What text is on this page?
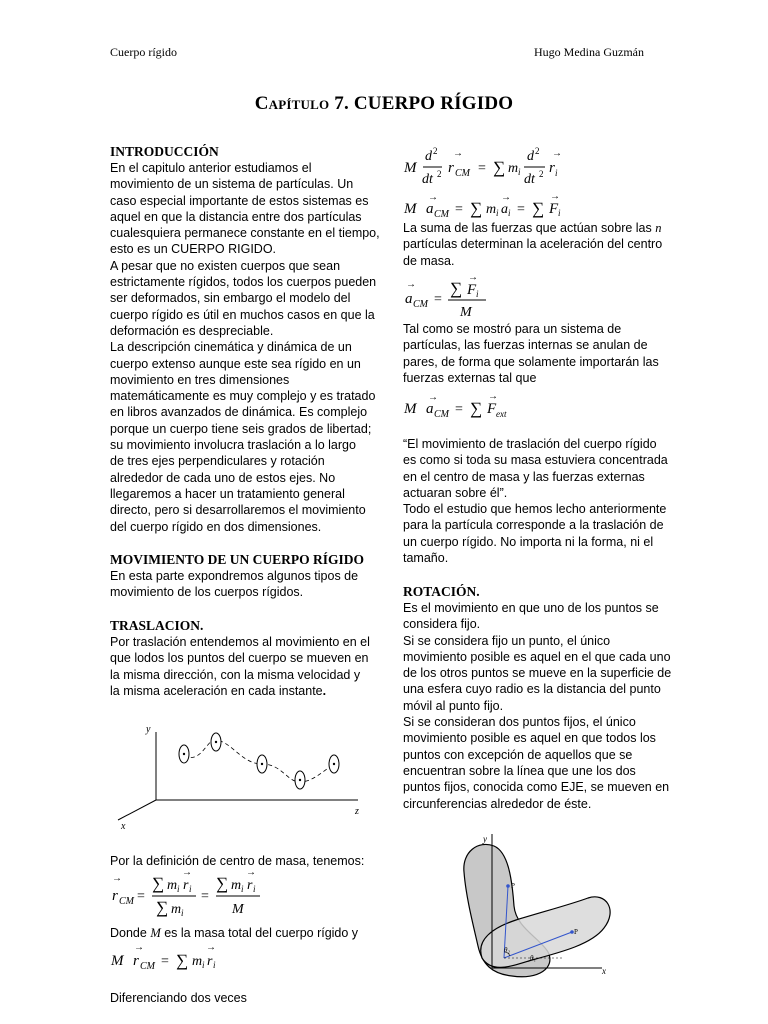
Cuerpo rígido	Hugo Medina Guzmán
Capítulo 7. CUERPO RÍGIDO

INTRODUCCIÓN

En el capitulo anterior estudiamos el
movimiento de un sistema de partículas. Un
caso especial importante de estos sistemas es
aquel en que la distancia entre dos partículas
cualesquiera permanece constante en el tiempo,
esto es un CUERPO RIGIDO.
A pesar que no existen cuerpos que sean
estrictamente rígidos, todos los cuerpos pueden
ser deformados, sin embargo el modelo del
cuerpo rígido es útil en muchos casos en que la
deformación es despreciable.
La descripción cinemática y dinámica de un
cuerpo extenso aunque este sea rígido en un
movimiento en tres dimensiones
matemáticamente es muy complejo y es tratado
en libros avanzados de dinámica. Es complejo
porque un cuerpo tiene seis grados de libertad;
su movimiento involucra traslación a lo largo
de tres ejes perpendiculares y rotación
alrededor de cada uno de estos ejes. No
llegaremos a hacer un tratamiento general
directo, pero si desarrollaremos el movimiento
del cuerpo rígido en dos dimensiones.

MOVIMIENTO DE UN CUERPO RÍGIDO

En esta parte expondremos algunos tipos de
movimiento de los cuerpos rígidos.

TRASLACION.

Por traslación entendemos al movimiento en el
que lodos los puntos del cuerpo se mueven en
la misma dirección, con la misma velocidad y
la misma aceleración en cada instante.
y
z
x
Por la definición de centro de masa, tenemos:
→
r CM =
∑ m i
→
r i
∑ m i
=
∑ m i
→
r i
M
Donde M es la masa total del cuerpo rígido y
→
M r CM = ∑ m i
→
r i
Diferenciando dos veces
M
d 2
dt 2
→
r CM = ∑ m i
d 2
dt 2
→
r i
→
M a CM = ∑ m i
→
a i = ∑
→
F i
La suma de las fuerzas que actúan sobre las n
partículas determinan la aceleración del centro
de masa.
→
a CM =
∑
→
F i
M
Tal como se mostró para un sistema de
partículas, las fuerzas internas se anulan de
pares, de forma que solamente importarán las
fuerzas externas tal que
→
M a CM = ∑
→
F ext
“El movimiento de traslación del cuerpo rígido
es como si toda su masa estuviera concentrada
en el centro de masa y las fuerzas externas
actuaran sobre él”.
Todo el estudio que hemos lecho anteriormente
para la partícula corresponde a la traslación de
un cuerpo rígido. No importa ni la forma, ni el
tamaño.

ROTACIÓN.

Es el movimiento en que uno de los puntos se
considera fijo.
Si se considera fijo un punto, el único
movimiento posible es aquel en el que cada uno
de los otros puntos se mueve en la superficie de
una esfera cuyo radio es la distancia del punto
móvil al punto fijo.
Si se consideran dos puntos fijos, el único
movimiento posible es aquel en que todos los
puntos con excepción de aquellos que se
encuentran sobre la línea que une los dos
puntos fijos, conocida como EJE, se mueven en
circunferencias alrededor de éste.
y
x
P
P
θ₂
θ₁
